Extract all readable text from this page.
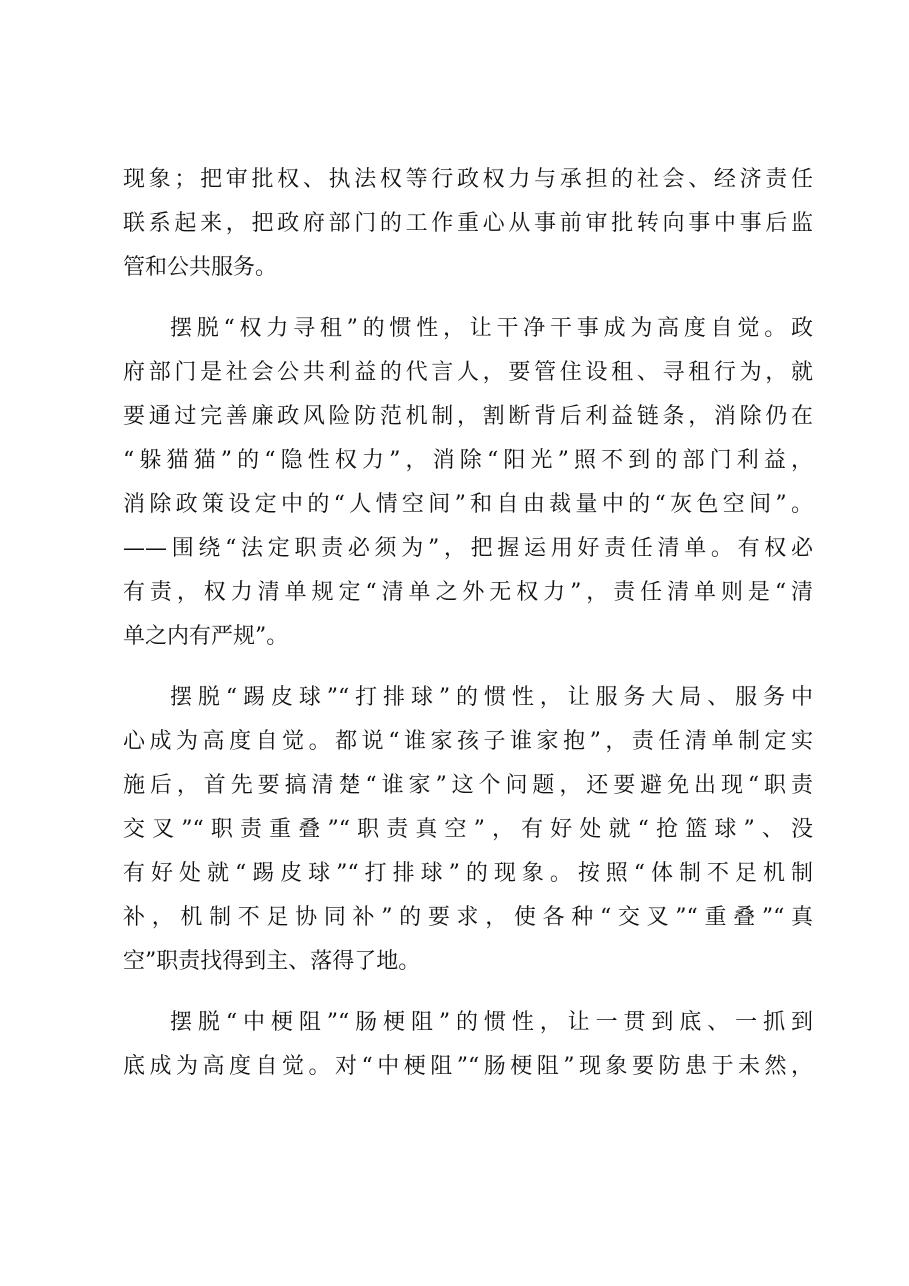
现象；把审批权、执法权等行政权力与承担的社会、经济责任
联系起来，把政府部门的工作重心从事前审批转向事中事后监
管和公共服务。
摆脱“权力寻租”的惯性，让干净干事成为高度自觉。政
府部门是社会公共利益的代言人，要管住设租、寻租行为，就
要通过完善廉政风险防范机制，割断背后利益链条，消除仍在
“躲猫猫”的“隐性权力”，消除“阳光”照不到的部门利益，
消除政策设定中的“人情空间”和自由裁量中的“灰色空间”。
——围绕“法定职责必须为”，把握运用好责任清单。有权必
有责，权力清单规定“清单之外无权力”，责任清单则是“清
单之内有严规”。
摆脱“踢皮球”“打排球”的惯性，让服务大局、服务中
心成为高度自觉。都说“谁家孩子谁家抱”，责任清单制定实
施后，首先要搞清楚“谁家”这个问题，还要避免出现“职责
交叉”“职责重叠”“职责真空”，有好处就“抢篮球”、没
有好处就“踢皮球”“打排球”的现象。按照“体制不足机制
补，机制不足协同补”的要求，使各种“交叉”“重叠”“真
空”职责找得到主、落得了地。
摆脱“中梗阻”“肠梗阻”的惯性，让一贯到底、一抓到
底成为高度自觉。对“中梗阻”“肠梗阻”现象要防患于未然，
